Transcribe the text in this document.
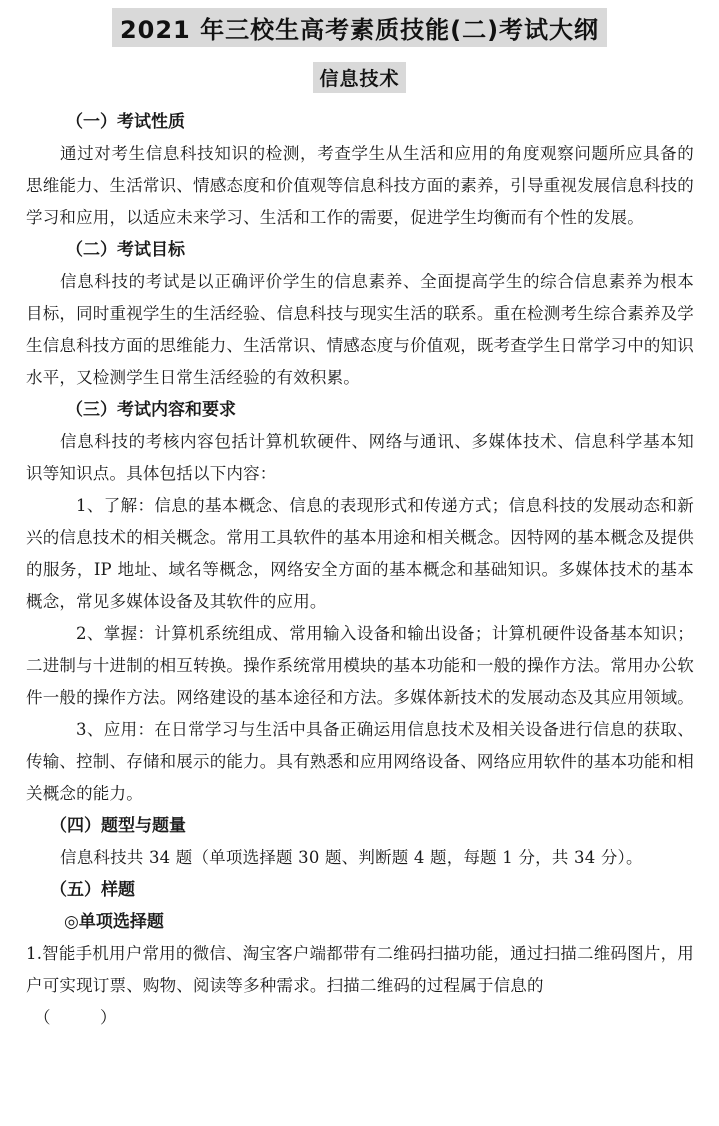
2021 年三校生高考素质技能(二)考试大纲
信息技术
（一）考试性质
通过对考生信息科技知识的检测，考查学生从生活和应用的角度观察问题所应具备的思维能力、生活常识、情感态度和价值观等信息科技方面的素养，引导重视发展信息科技的学习和应用，以适应未来学习、生活和工作的需要，促进学生均衡而有个性的发展。
（二）考试目标
信息科技的考试是以正确评价学生的信息素养、全面提高学生的综合信息素养为根本目标，同时重视学生的生活经验、信息科技与现实生活的联系。重在检测考生综合素养及学生信息科技方面的思维能力、生活常识、情感态度与价值观，既考查学生日常学习中的知识水平，又检测学生日常生活经验的有效积累。
（三）考试内容和要求
信息科技的考核内容包括计算机软硬件、网络与通讯、多媒体技术、信息科学基本知识等知识点。具体包括以下内容：
1、了解：信息的基本概念、信息的表现形式和传递方式；信息科技的发展动态和新兴的信息技术的相关概念。常用工具软件的基本用途和相关概念。因特网的基本概念及提供的服务，IP 地址、域名等概念，网络安全方面的基本概念和基础知识。多媒体技术的基本概念，常见多媒体设备及其软件的应用。
2、掌握：计算机系统组成、常用输入设备和输出设备；计算机硬件设备基本知识；二进制与十进制的相互转换。操作系统常用模块的基本功能和一般的操作方法。常用办公软件一般的操作方法。网络建设的基本途径和方法。多媒体新技术的发展动态及其应用领域。
3、应用：在日常学习与生活中具备正确运用信息技术及相关设备进行信息的获取、传输、控制、存储和展示的能力。具有熟悉和应用网络设备、网络应用软件的基本功能和相关概念的能力。
（四）题型与题量
信息科技共 34 题（单项选择题 30 题、判断题 4 题，每题 1 分，共 34 分）。
（五）样题
◎单项选择题
1.智能手机用户常用的微信、淘宝客户端都带有二维码扫描功能，通过扫描二维码图片，用户可实现订票、购物、阅读等多种需求。扫描二维码的过程属于信息的
（　　　）
